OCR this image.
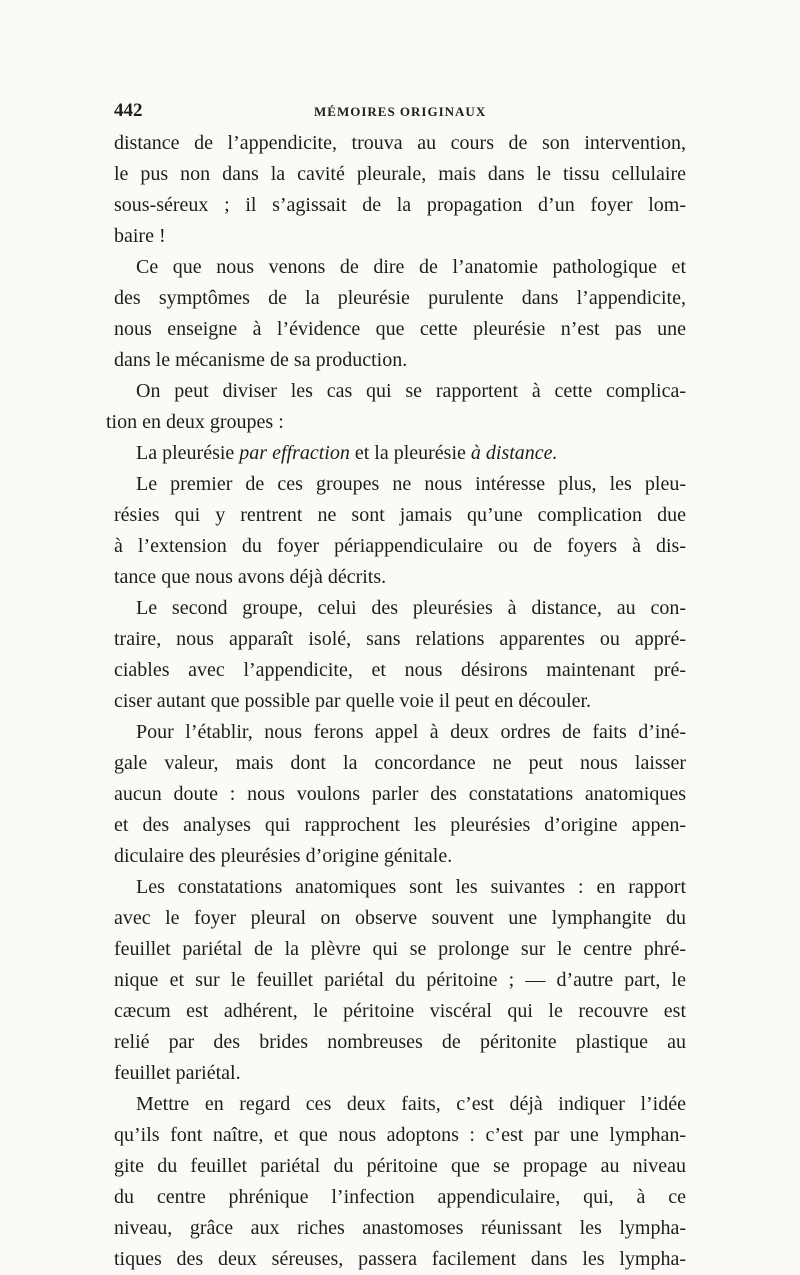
442	MÉMOIRES ORIGINAUX
distance de l’appendicite, trouva au cours de son intervention,
le pus non dans la cavité pleurale, mais dans le tissu cellulaire
sous-séreux ; il s’agissait de la propagation d’un foyer lom-
baire !
Ce que nous venons de dire de l’anatomie pathologique et
des symptômes de la pleurésie purulente dans l’appendicite,
nous enseigne à l’évidence que cette pleurésie n’est pas une
dans le mécanisme de sa production.
On peut diviser les cas qui se rapportent à cette complica-
tion en deux groupes :
La pleurésie par effraction et la pleurésie à distance.
Le premier de ces groupes ne nous intéresse plus, les pleu-
résies qui y rentrent ne sont jamais qu’une complication due
à l’extension du foyer périappendiculaire ou de foyers à dis-
tance que nous avons déjà décrits.
Le second groupe, celui des pleurésies à distance, au con-
traire, nous apparaît isolé, sans relations apparentes ou appré-
ciables avec l’appendicite, et nous désirons maintenant pré-
ciser autant que possible par quelle voie il peut en découler.
Pour l’établir, nous ferons appel à deux ordres de faits d’iné-
gale valeur, mais dont la concordance ne peut nous laisser
aucun doute : nous voulons parler des constatations anatomiques
et des analyses qui rapprochent les pleurésies d’origine appen-
diculaire des pleurésies d’origine génitale.
Les constatations anatomiques sont les suivantes : en rapport
avec le foyer pleural on observe souvent une lymphangite du
feuillet pariétal de la plèvre qui se prolonge sur le centre phré-
nique et sur le feuillet pariétal du péritoine ; — d’autre part, le
cæcum est adhérent, le péritoine viscéral qui le recouvre est
relié par des brides nombreuses de péritonite plastique au
feuillet pariétal.
Mettre en regard ces deux faits, c’est déjà indiquer l’idée
qu’ils font naître, et que nous adoptons : c’est par une lymphan-
gite du feuillet pariétal du péritoine que se propage au niveau
du centre phrénique l’infection appendiculaire, qui, à ce
niveau, grâce aux riches anastomoses réunissant les lympha-
tiques des deux séreuses, passera facilement dans les lympha-
